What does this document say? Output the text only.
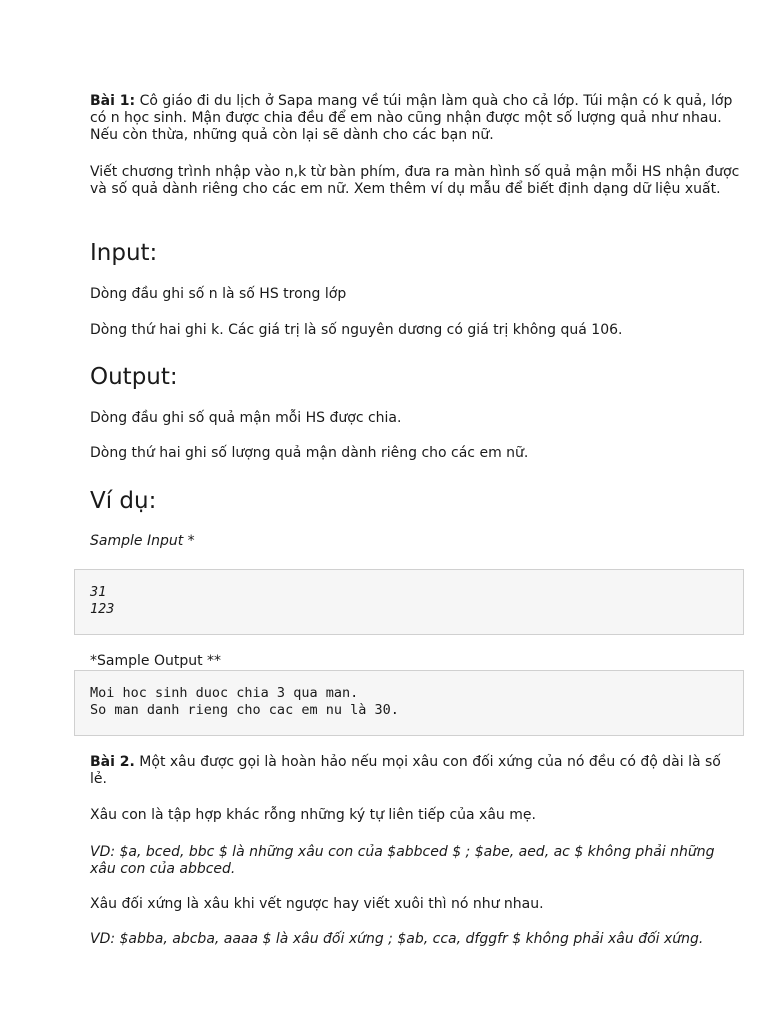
Bài 1: Cô giáo đi du lịch ở Sapa mang về túi mận làm quà cho cả lớp. Túi mận có k quả, lớp có n học sinh. Mận được chia đều để em nào cũng nhận được một số lượng quả như nhau. Nếu còn thừa, những quả còn lại sẽ dành cho các bạn nữ.

Viết chương trình nhập vào n,k từ bàn phím, đưa ra màn hình số quả mận mỗi HS nhận được và số quả dành riêng cho các em nữ. Xem thêm ví dụ mẫu để biết định dạng dữ liệu xuất.

Input:

Dòng đầu ghi số n là số HS trong lớp

Dòng thứ hai ghi k. Các giá trị là số nguyên dương có giá trị không quá 106.

Output:

Dòng đầu ghi số quả mận mỗi HS được chia.

Dòng thứ hai ghi số lượng quả mận dành riêng cho các em nữ.

Ví dụ:

Sample Input *

31
123

*Sample Output **

Moi hoc sinh duoc chia 3 qua man.
So man danh rieng cho cac em nu là 30.

Bài 2. Một xâu được gọi là hoàn hảo nếu mọi xâu con đối xứng của nó đều có độ dài là số lẻ.

Xâu con là tập hợp khác rỗng những ký tự liên tiếp của xâu mẹ.

VD: $a, bced, bbc $ là những xâu con của $abbced $ ; $abe, aed, ac $ không phải những xâu con của abbced.

Xâu đối xứng là xâu khi vết ngược hay viết xuôi thì nó như nhau.

VD: $abba, abcba, aaaa $ là xâu đối xứng ; $ab, cca, dfggfr $ không phải xâu đối xứng.
